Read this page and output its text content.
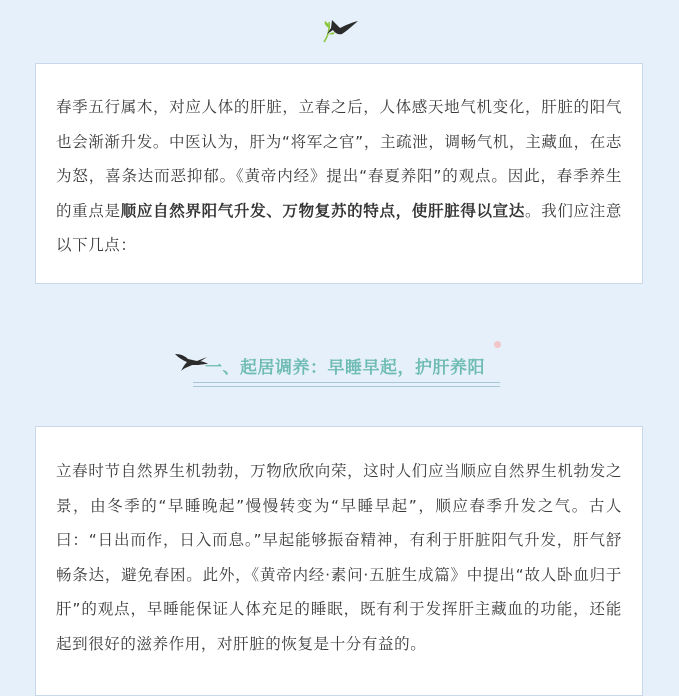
春季五行属木，对应人体的肝脏，立春之后，人体感天地气机变化，肝脏的阳气也会渐渐升发。中医认为，肝为“将军之官”，主疏泄，调畅气机，主藏血，在志为怒，喜条达而恶抑郁。《黄帝内经》提出“春夏养阳”的观点。因此，春季养生的重点是顺应自然界阳气升发、万物复苏的特点，使肝脏得以宣达。我们应注意以下几点：

一、起居调养：早睡早起，护肝养阳

立春时节自然界生机勃勃，万物欣欣向荣，这时人们应当顺应自然界生机勃发之景，由冬季的“早睡晚起”慢慢转变为“早睡早起”，顺应春季升发之气。古人曰：“日出而作，日入而息。”早起能够振奋精神，有利于肝脏阳气升发，肝气舒畅条达，避免春困。此外，《黄帝内经·素问·五脏生成篇》中提出“故人卧血归于肝”的观点，早睡能保证人体充足的睡眠，既有利于发挥肝主藏血的功能，还能起到很好的滋养作用，对肝脏的恢复是十分有益的。
